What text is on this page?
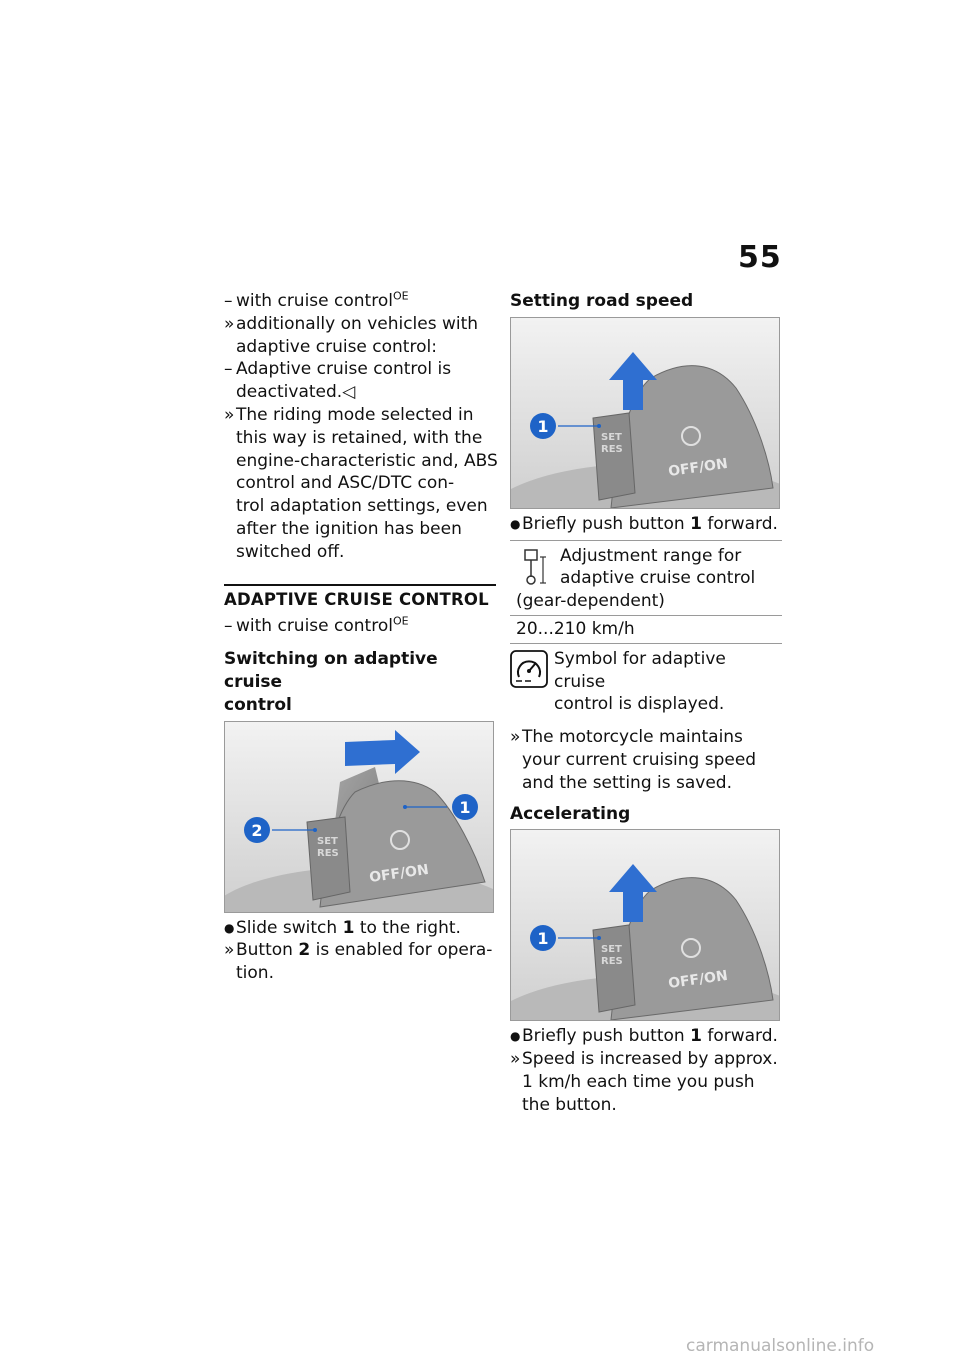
55
– with cruise control$^{OE}$
» additionally on vehicles with
adaptive cruise control:
– Adaptive cruise control is
deactivated.◁
» The riding mode selected in
this way is retained, with the
engine-characteristic and, ABS
control and ASC/DTC con-
trol adaptation settings, even
after the ignition has been
switched off.
ADAPTIVE CRUISE CONTROL
– with cruise control$^{OE}$
Switching on adaptive cruise
control
1
2
SET
RES
OFF/ON
● Slide switch 1 to the right.
» Button 2 is enabled for opera-
tion.
Setting road speed
1
SET
RES
OFF/ON
● Briefly push button 1 forward.
Adjustment range for
adaptive cruise control
(gear-dependent)
20...210 km/h
Symbol for adaptive cruise
control is displayed.
» The motorcycle maintains
your current cruising speed
and the setting is saved.
Accelerating
1
SET
RES
OFF/ON
● Briefly push button 1 forward.
» Speed is increased by approx.
1 km/h each time you push
the button.
carmanualsonline.info
